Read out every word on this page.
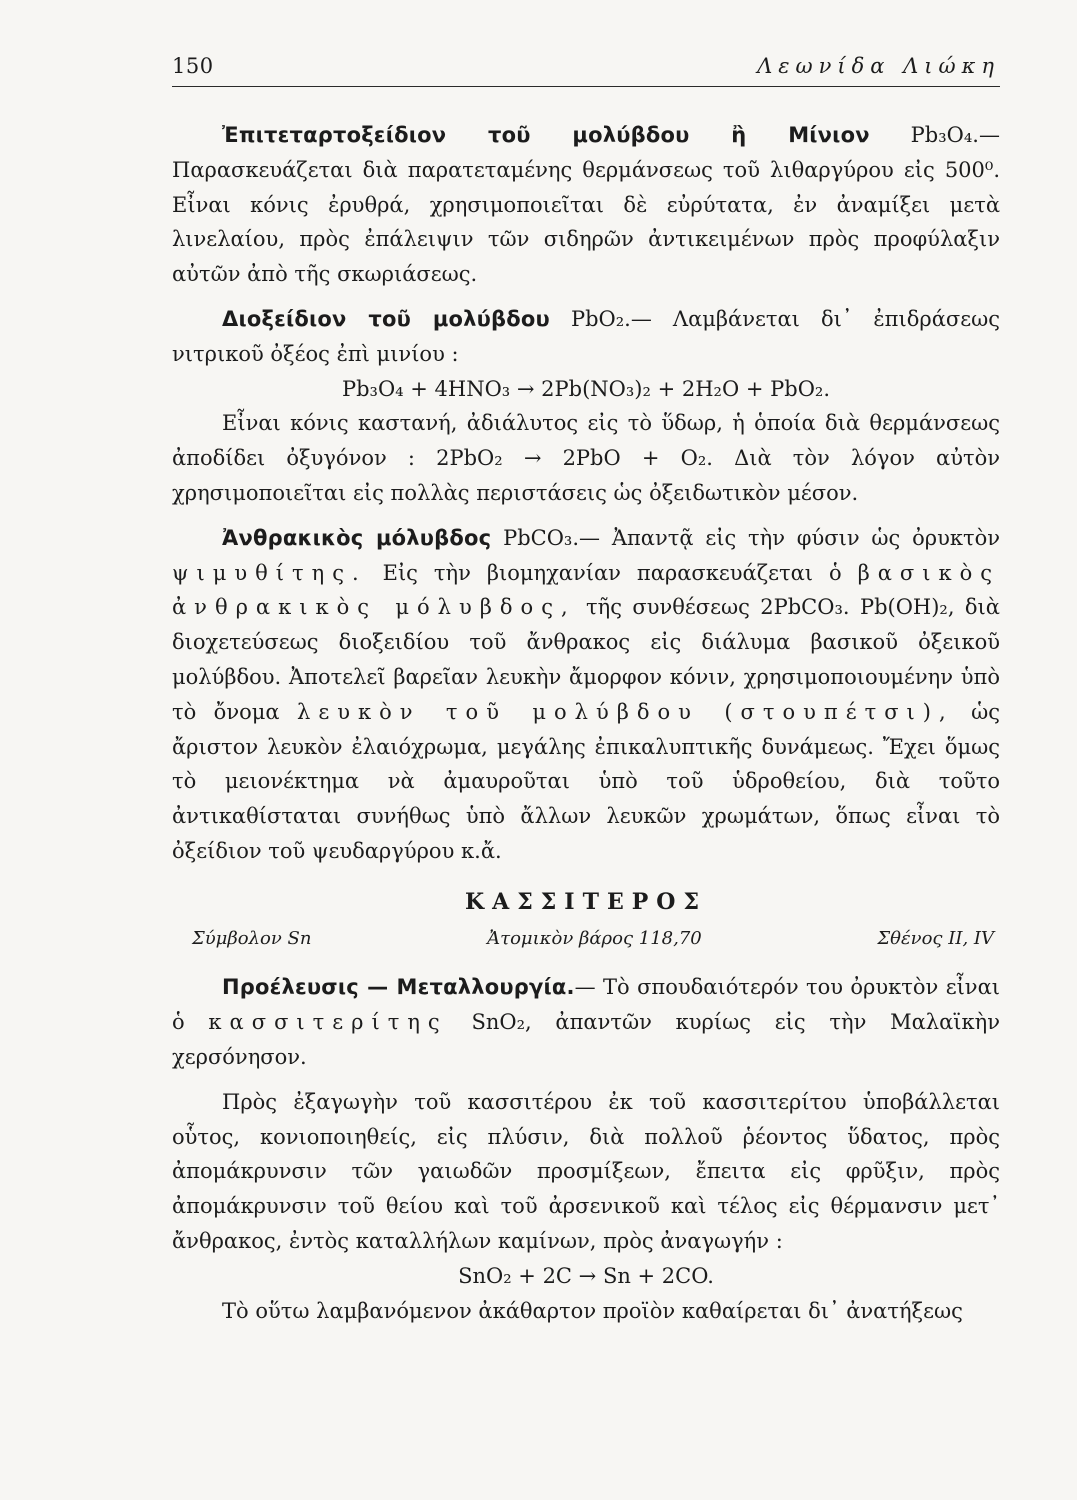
150	Λεωνίδα Λιώκη

Ἐπιτεταρτοξείδιον τοῦ μολύβδου ἢ Μίνιον Pb₃O₄.— Παρασκευάζεται διὰ παρατεταμένης θερμάνσεως τοῦ λιθαργύρου εἰς 500⁰. Εἶναι κόνις ἐρυθρά, χρησιμοποιεῖται δὲ εὐρύτατα, ἐν ἀναμίξει μετὰ λινελαίου, πρὸς ἐπάλειψιν τῶν σιδηρῶν ἀντικειμένων πρὸς προφύλαξιν αὐτῶν ἀπὸ τῆς σκωριάσεως.

Διοξείδιον τοῦ μολύβδου PbO₂.— Λαμβάνεται δι᾽ ἐπιδράσεως νιτρικοῦ ὀξέος ἐπὶ μινίου :

Pb₃O₄ + 4HNO₃ → 2Pb(NO₃)₂ + 2H₂O + PbO₂.

Εἶναι κόνις καστανή, ἀδιάλυτος εἰς τὸ ὕδωρ, ἡ ὁποία διὰ θερμάνσεως ἀποδίδει ὀξυγόνον : 2PbO₂ → 2PbO + O₂. Διὰ τὸν λόγον αὐτὸν χρησιμοποιεῖται εἰς πολλὰς περιστάσεις ὡς ὀξειδωτικὸν μέσον.

Ἀνθρακικὸς μόλυβδος PbCO₃.— Ἀπαντᾷ εἰς τὴν φύσιν ὡς ὀρυκτὸν ψιμυθίτης. Εἰς τὴν βιομηχανίαν παρασκευάζεται ὁ βασικὸς ἀνθρακικὸς μόλυβδος, τῆς συνθέσεως 2PbCO₃. Pb(OH)₂, διὰ διοχετεύσεως διοξειδίου τοῦ ἄνθρακος εἰς διάλυμα βασικοῦ ὀξεικοῦ μολύβδου. Ἀποτελεῖ βαρεῖαν λευκὴν ἄμορφον κόνιν, χρησιμοποιουμένην ὑπὸ τὸ ὄνομα λευκὸν τοῦ μολύβδου (στουπέτσι), ὡς ἄριστον λευκὸν ἐλαιόχρωμα, μεγάλης ἐπικαλυπτικῆς δυνάμεως. Ἔχει ὅμως τὸ μειονέκτημα νὰ ἀμαυροῦται ὑπὸ τοῦ ὑδροθείου, διὰ τοῦτο ἀντικαθίσταται συνήθως ὑπὸ ἄλλων λευκῶν χρωμάτων, ὅπως εἶναι τὸ ὀξείδιον τοῦ ψευδαργύρου κ.ἄ.

ΚΑΣΣΙΤΕΡΟΣ
Σύμβολον Sn	Ἀτομικὸν βάρος 118,70	Σθένος II, IV

Προέλευσις — Μεταλλουργία.— Τὸ σπουδαιότερόν του ὀρυκτὸν εἶναι ὁ κασσιτερίτης SnO₂, ἀπαντῶν κυρίως εἰς τὴν Μαλαϊκὴν χερσόνησον.

Πρὸς ἐξαγωγὴν τοῦ κασσιτέρου ἐκ τοῦ κασσιτερίτου ὑποβάλλεται οὗτος, κονιοποιηθείς, εἰς πλύσιν, διὰ πολλοῦ ῥέοντος ὕδατος, πρὸς ἀπομάκρυνσιν τῶν γαιωδῶν προσμίξεων, ἔπειτα εἰς φρῦξιν, πρὸς ἀπομάκρυνσιν τοῦ θείου καὶ τοῦ ἀρσενικοῦ καὶ τέλος εἰς θέρμανσιν μετ᾽ ἄνθρακος, ἐντὸς καταλλήλων καμίνων, πρὸς ἀναγωγήν :

SnO₂ + 2C → Sn + 2CO.

Τὸ οὕτω λαμβανόμενον ἀκάθαρτον προϊὸν καθαίρεται δι᾽ ἀνατήξεως
